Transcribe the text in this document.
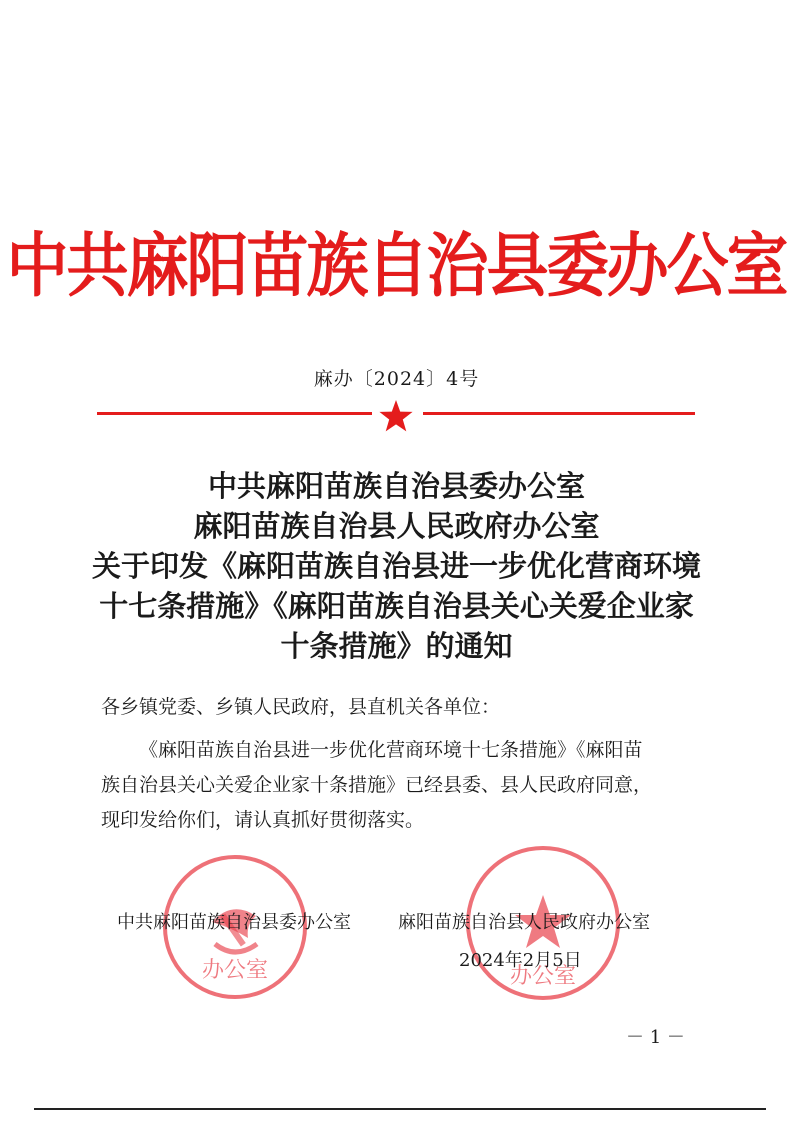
中共麻阳苗族自治县委办公室
麻办〔2024〕4号
中共麻阳苗族自治县委办公室
麻阳苗族自治县人民政府办公室
关于印发《麻阳苗族自治县进一步优化营商环境
十七条措施》《麻阳苗族自治县关心关爱企业家
十条措施》的通知
各乡镇党委、乡镇人民政府，县直机关各单位：
《麻阳苗族自治县进一步优化营商环境十七条措施》《麻阳苗
族自治县关心关爱企业家十条措施》已经县委、县人民政府同意，
现印发给你们，请认真抓好贯彻落实。
办公室	办公室
中共麻阳苗族自治县委办公室	麻阳苗族自治县人民政府办公室
2024年2月5日
－ 1 －
